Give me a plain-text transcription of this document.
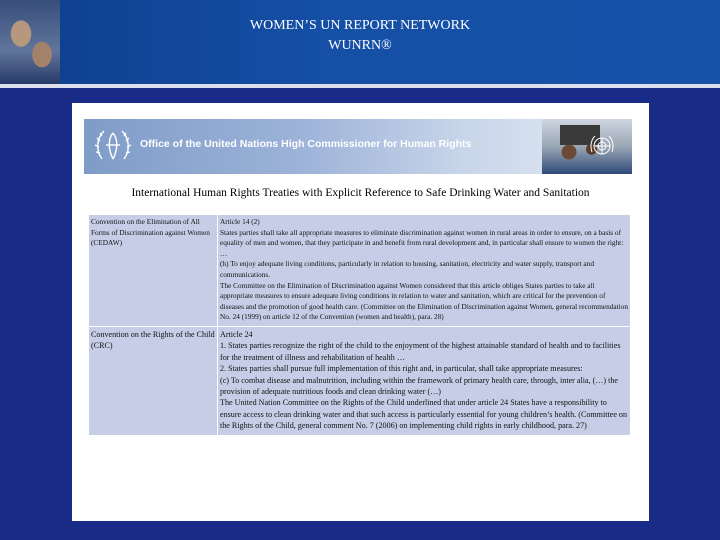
WOMEN’S UN REPORT NETWORK
WUNRN®
Office of the United Nations High Commissioner for Human Rights
International Human Rights Treaties with Explicit Reference to Safe Drinking Water and Sanitation
Convention on the Elimination of All Forms of Discrimination against Women (CEDAW)	Article 14 (2)
States parties shall take all appropriate measures to eliminate discrimination against women in rural areas in order to ensure, on a basis of equality of men and women, that they participate in and benefit from rural development and, in particular shall ensure to women the right:
…
(h) To enjoy adequate living conditions, particularly in relation to housing, sanitation, electricity and water supply, transport and communications.
The Committee on the Elimination of Discrimination against Women considered that this article obliges States parties to take all appropriate measures to ensure adequate living conditions in relation to water and sanitation, which are critical for the prevention of diseases and the promotion of good health care. (Committee on the Elimination of Discrimination against Women, general recommendation No. 24 (1999) on article 12 of the Convention (women and health), para. 28)

Convention on the Rights of the Child (CRC)	Article 24
1. States parties recognize the right of the child to the enjoyment of the highest attainable standard of health and to facilities for the treatment of illness and rehabilitation of health …
2. States parties shall pursue full implementation of this right and, in particular, shall take appropriate measures:
(c) To combat disease and malnutrition, including within the framework of primary health care, through, inter alia, (…) the provision of adequate nutritious foods and clean drinking water (…)
The United Nation Committee on the Rights of the Child underlined that under article 24 States have a responsibility to ensure access to clean drinking water and that such access is particularly essential for young children’s health. (Committee on the Rights of the Child, general comment No. 7 (2006) on implementing child rights in early childhood, para. 27)
